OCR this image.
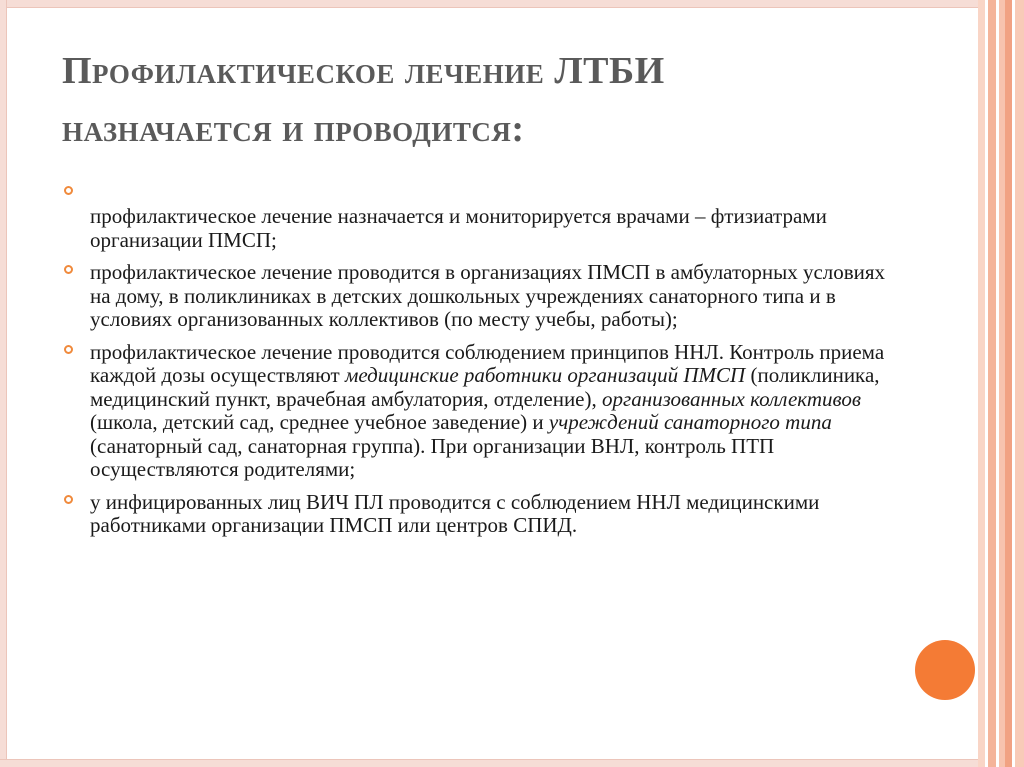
Профилактическое лечение ЛТБИ
назначается и проводится:
профилактическое лечение назначается и мониторируется врачами – фтизиатрами организации ПМСП;
профилактическое лечение проводится в организациях ПМСП в амбулаторных условиях на дому, в поликлиниках в детских дошкольных учреждениях санаторного типа и в условиях организованных коллективов (по месту учебы, работы);
профилактическое лечение проводится соблюдением принципов ННЛ. Контроль приема каждой дозы осуществляют медицинские работники организаций ПМСП (поликлиника, медицинский пункт, врачебная амбулатория, отделение), организованных коллективов (школа, детский сад, среднее учебное заведение) и учреждений санаторного типа (санаторный сад, санаторная группа). При организации ВНЛ, контроль ПТП осуществляются родителями;
у инфицированных лиц ВИЧ ПЛ проводится с соблюдением ННЛ медицинскими работниками организации ПМСП или центров СПИД.
